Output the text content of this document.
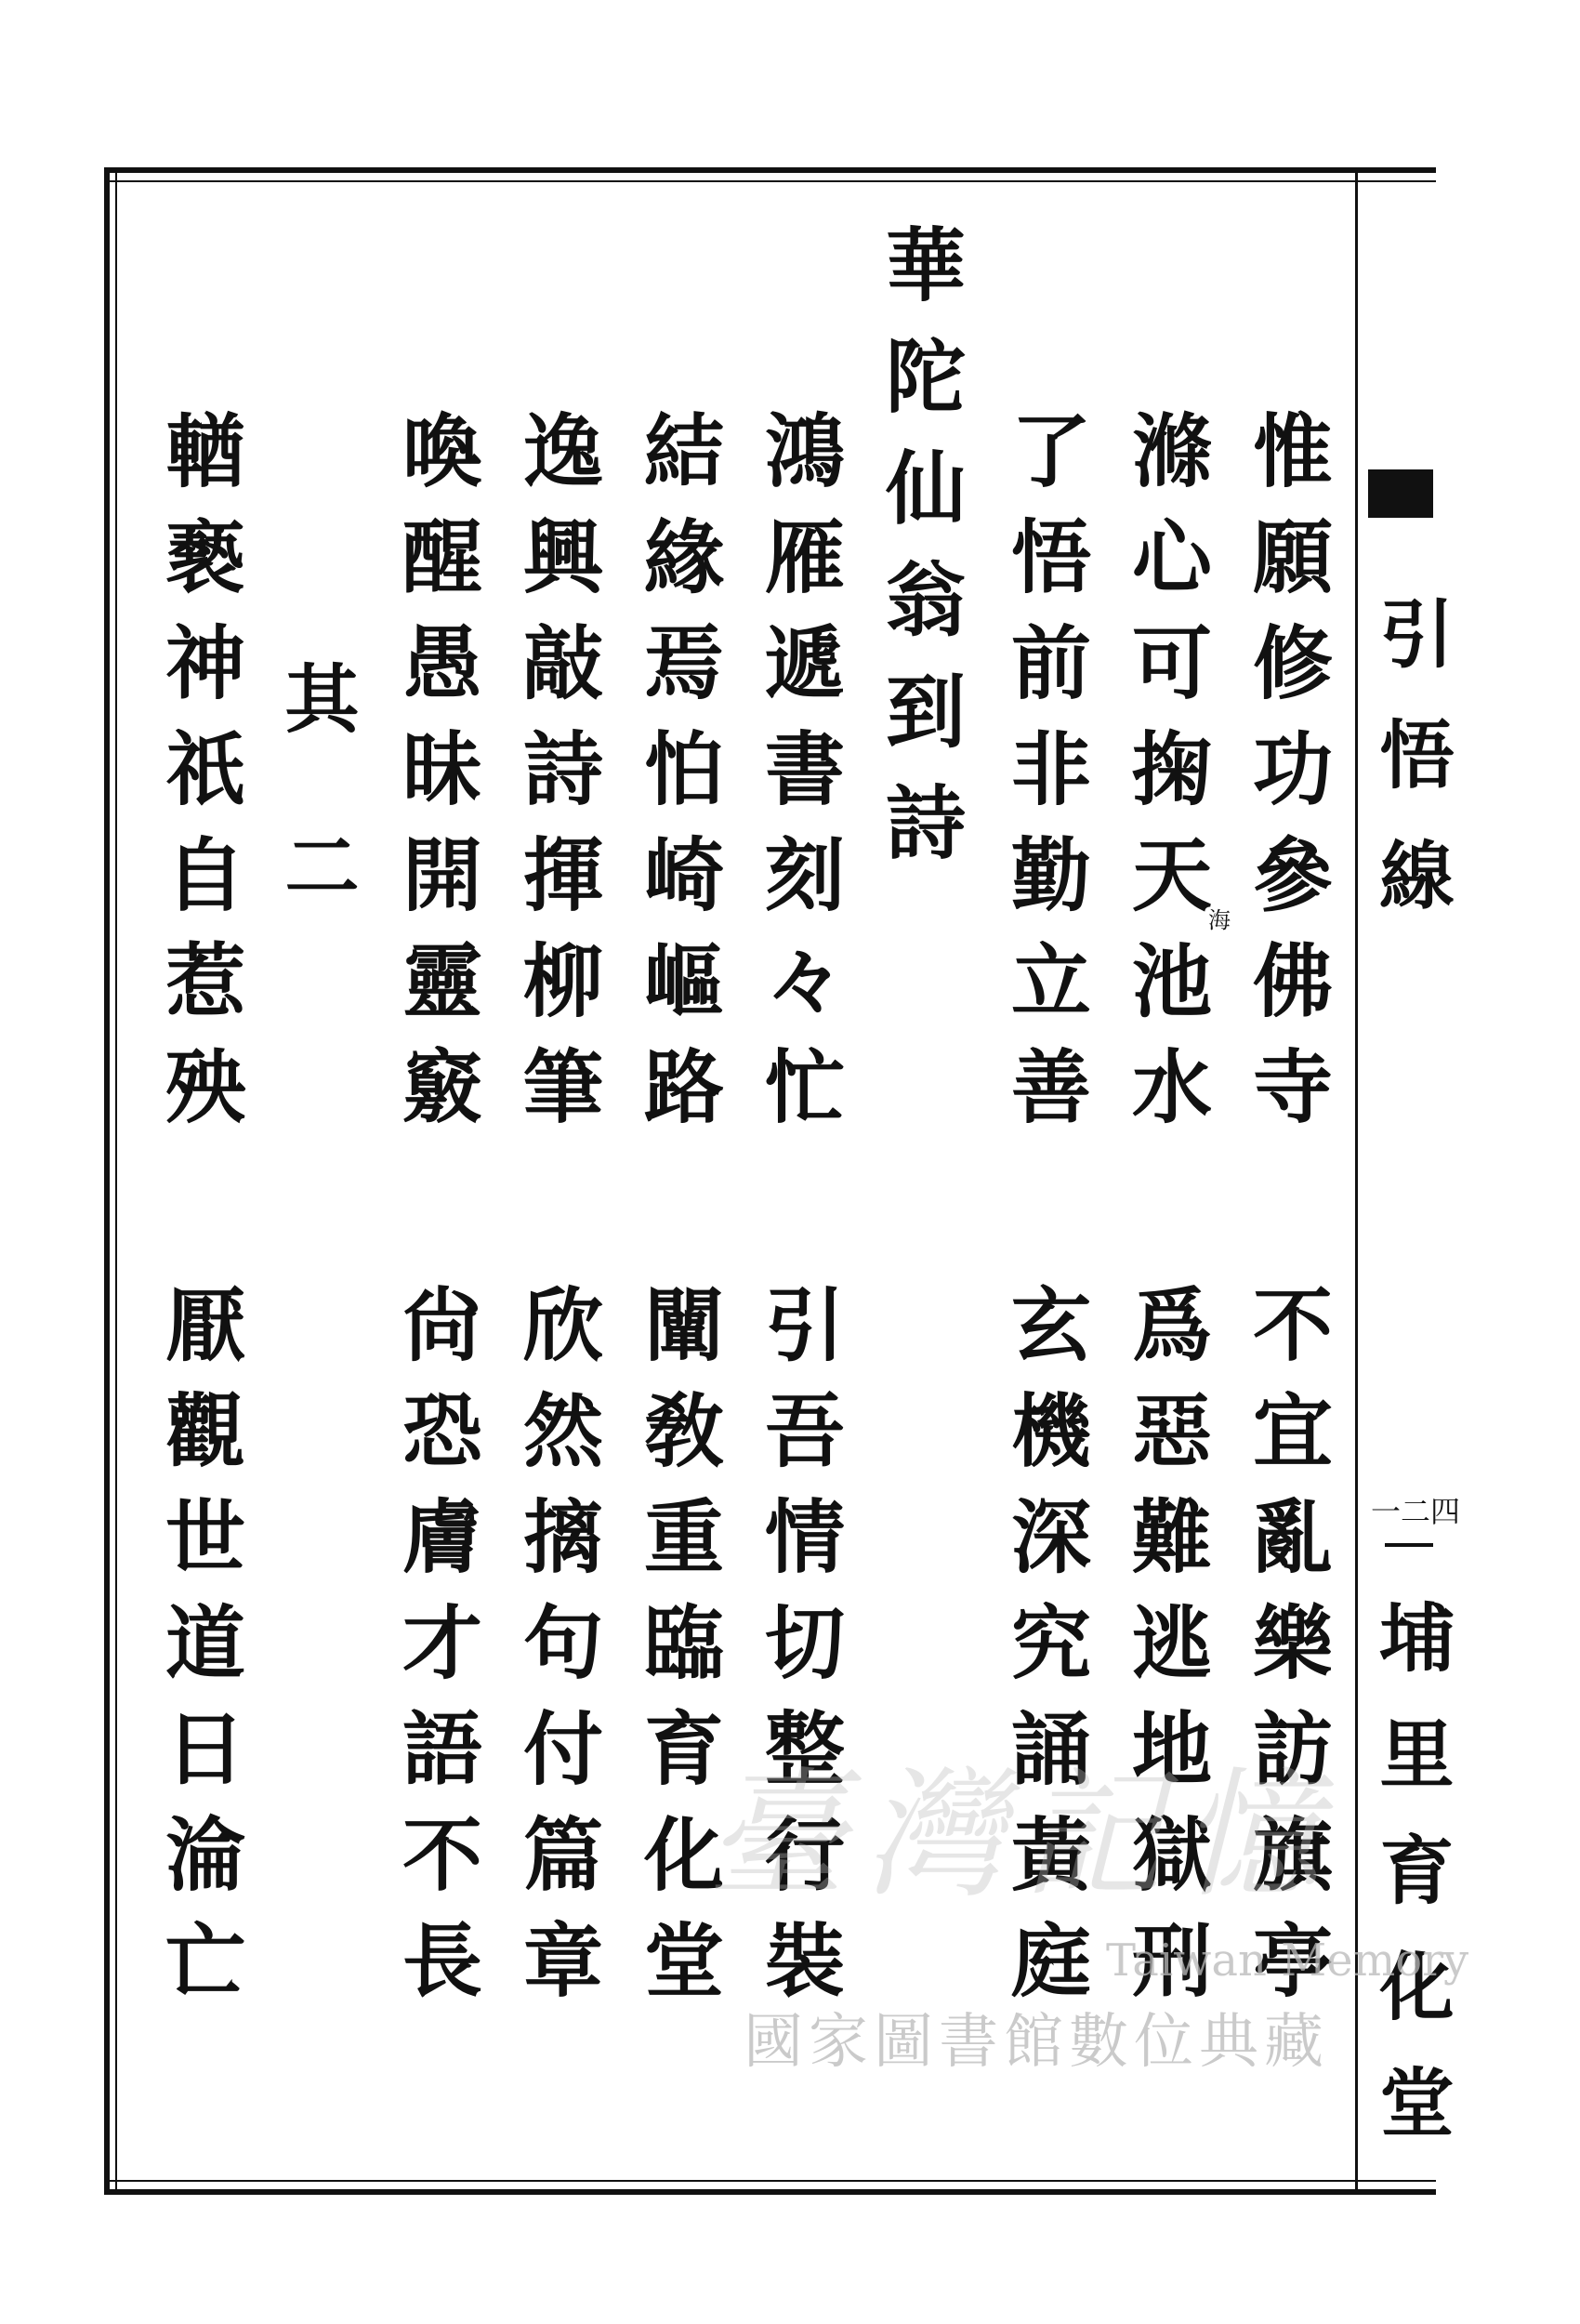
引悟線
一二四
埔里育化堂
惟願修功參佛寺
不宜亂樂訪旗亭
滌心可掬天池水
海
爲惡難逃地獄刑
了悟前非勤立善
玄機深究誦黃庭
華陀仙翁到詩
鴻雁遞書刻々忙
引吾情切整行裝
結緣焉怕崎嶇路
闡敎重臨育化堂
逸興敲詩揮柳筆
欣然摛句付篇章
喚醒愚昧開靈竅
尙恐膚才語不長
其二
輶褻神祇自惹殃
厭觀世道日淪亡	臺灣記憶
Taiwan Memory
國家圖書館數位典藏
